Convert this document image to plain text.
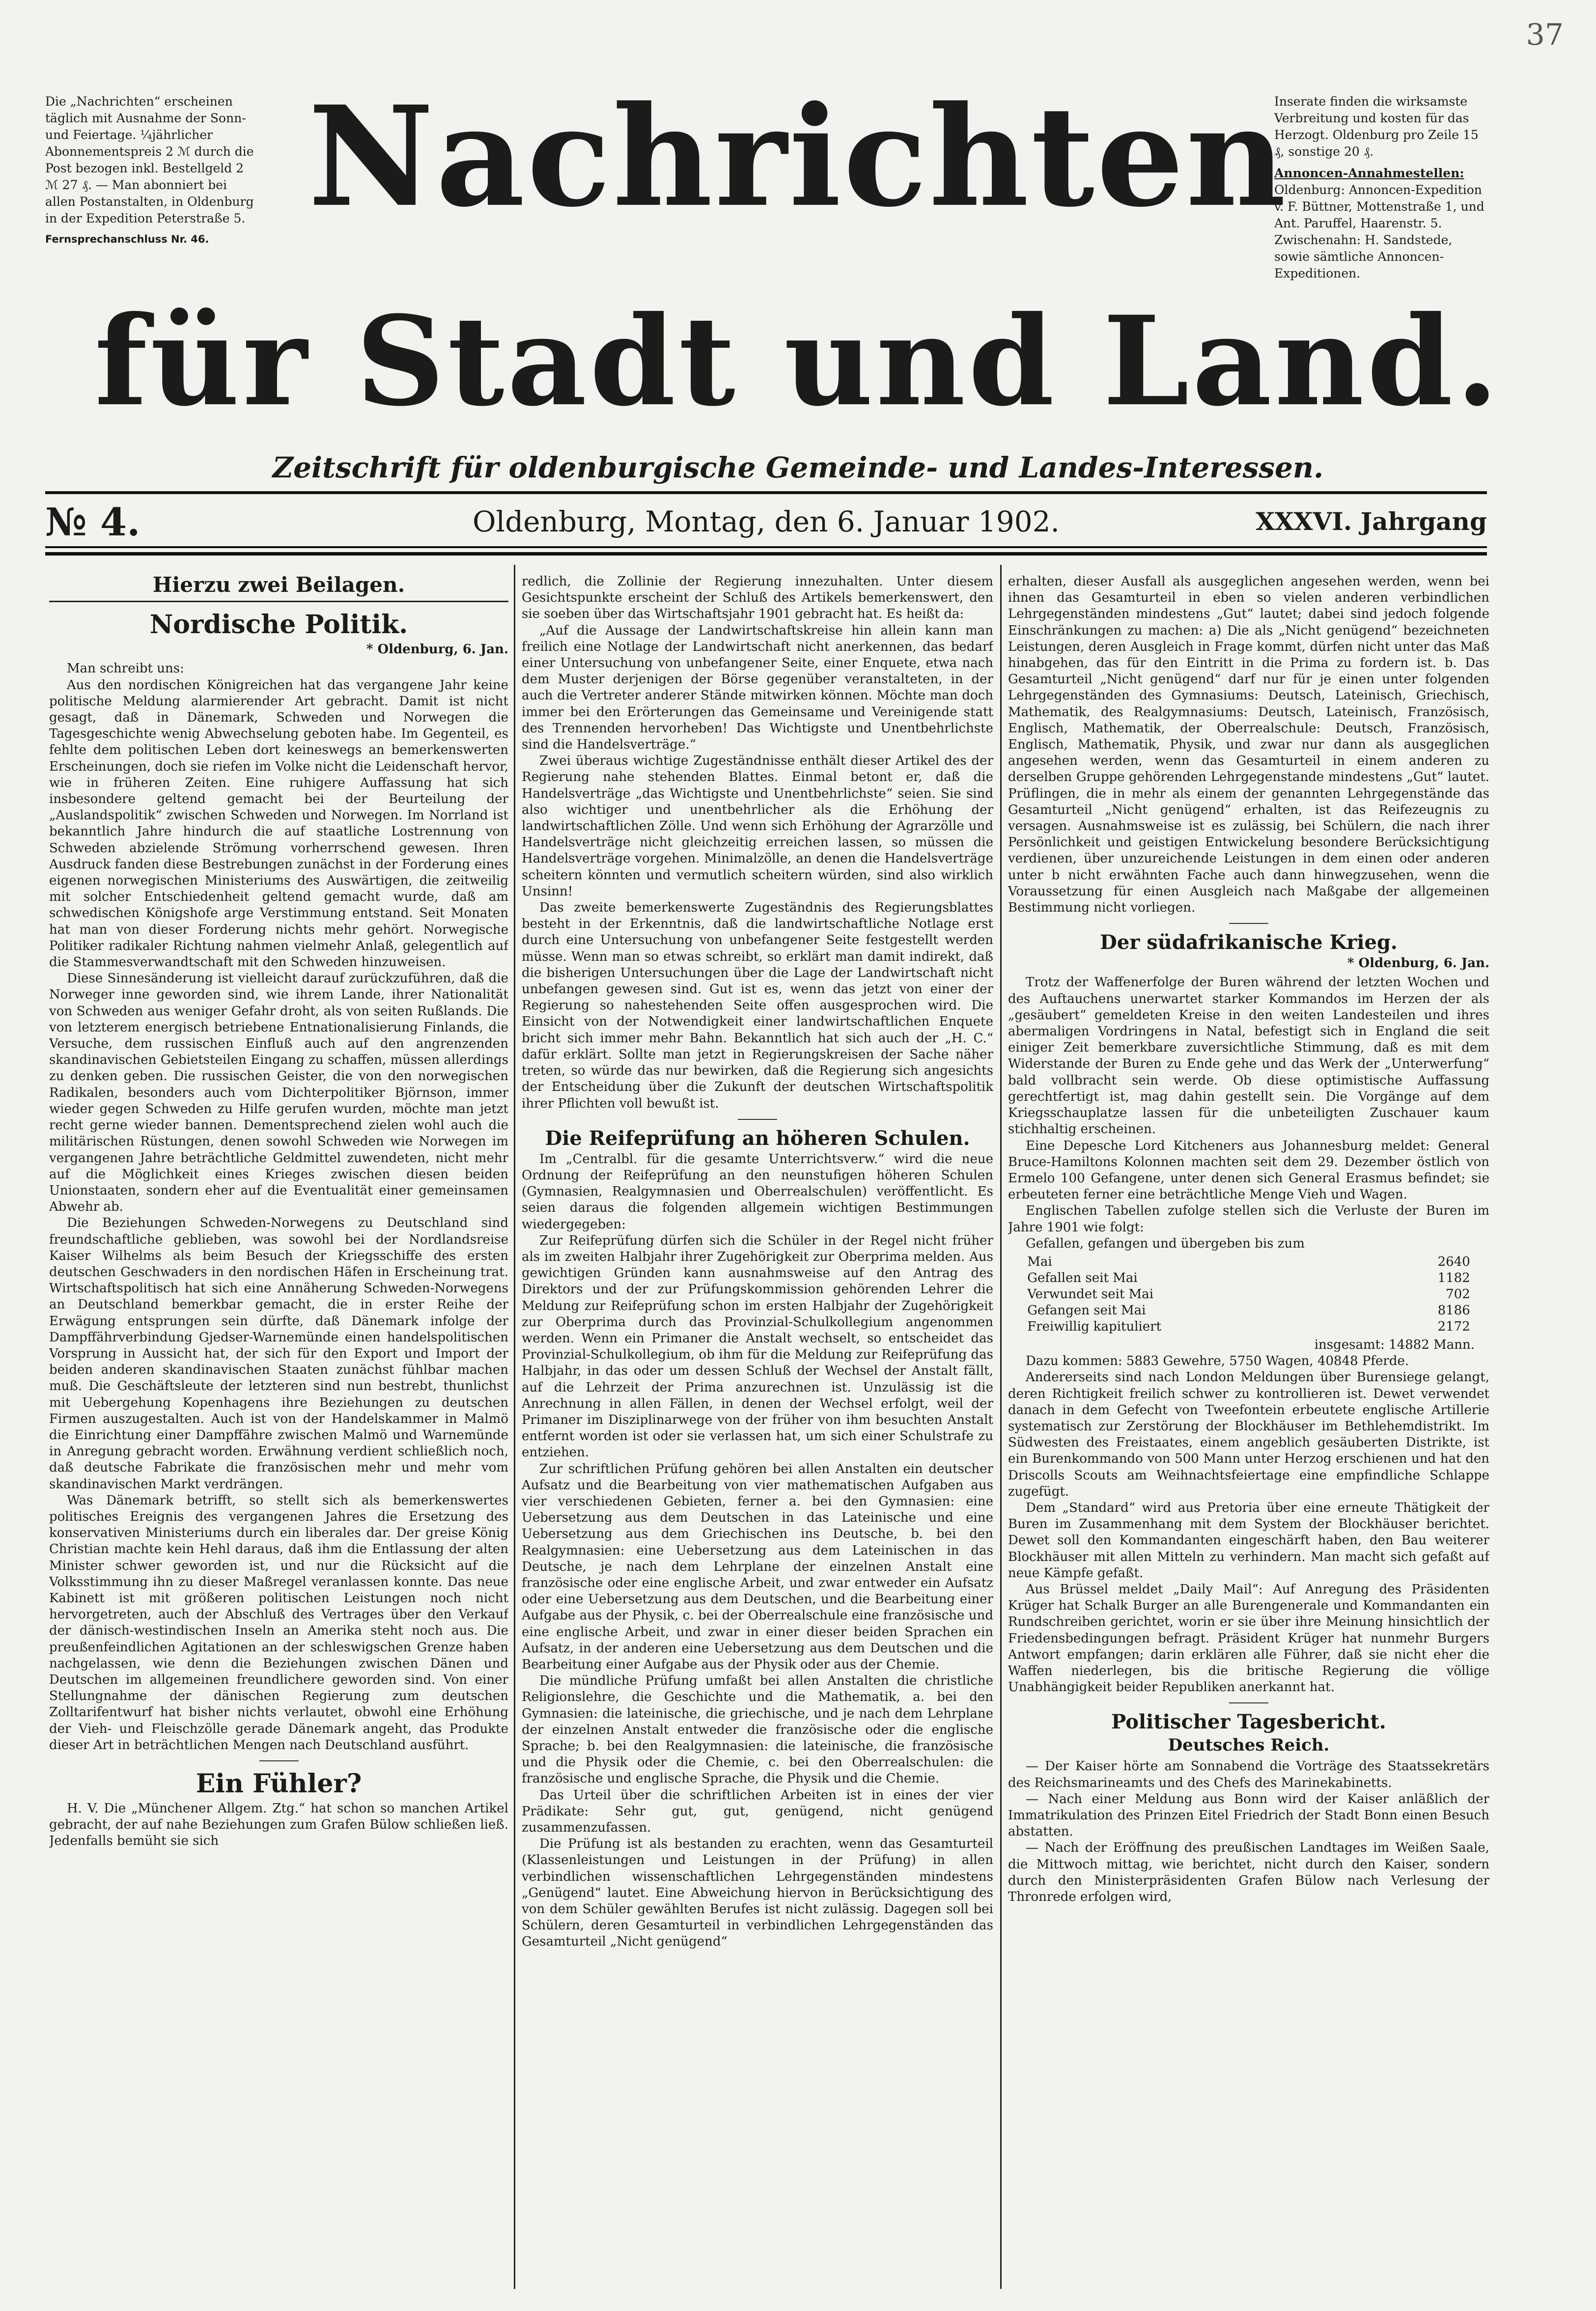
37
Die „Nachrichten“ erscheinen täglich mit Ausnahme der Sonn- und Feiertage. ¼jährlicher Abonnementspreis 2 ℳ durch die Post bezogen inkl. Bestellgeld 2 ℳ 27 ₰. — Man abonniert bei allen Postanstalten, in Oldenburg in der Expedition Peterstraße 5.
Fernsprechanschluss Nr. 46.
Inserate finden die wirksamste Verbreitung und kosten für das Herzogt. Oldenburg pro Zeile 15 ₰, sonstige 20 ₰.
Annoncen-Annahmestellen:
Oldenburg: Annoncen-Expedition v. F. Büttner, Mottenstraße 1, und Ant. Paruffel, Haarenstr. 5. Zwischenahn: H. Sandstede, sowie sämtliche Annoncen-Expeditionen.
Nachrichten
für Stadt und Land.
Zeitschrift für oldenburgische Gemeinde- und Landes-Interessen.
№ 4.	Oldenburg, Montag, den 6. Januar 1902.	XXXVI. Jahrgang
Hierzu zwei Beilagen.
Nordische Politik.
* Oldenburg, 6. Jan.

Man schreibt uns:

Aus den nordischen Königreichen hat das vergangene Jahr keine politische Meldung alarmierender Art gebracht. Damit ist nicht gesagt, daß in Dänemark, Schweden und Norwegen die Tagesgeschichte wenig Abwechselung geboten habe. Im Gegenteil, es fehlte dem politischen Leben dort keineswegs an bemerkenswerten Erscheinungen, doch sie riefen im Volke nicht die Leidenschaft hervor, wie in früheren Zeiten. Eine ruhigere Auffassung hat sich insbesondere geltend gemacht bei der Beurteilung der „Auslandspolitik“ zwischen Schweden und Norwegen. Im Norrland ist bekanntlich Jahre hindurch die auf staatliche Lostrennung von Schweden abzielende Strömung vorherrschend gewesen. Ihren Ausdruck fanden diese Bestrebungen zunächst in der Forderung eines eigenen norwegischen Ministeriums des Auswärtigen, die zeitweilig mit solcher Entschiedenheit geltend gemacht wurde, daß am schwedischen Königshofe arge Verstimmung entstand. Seit Monaten hat man von dieser Forderung nichts mehr gehört. Norwegische Politiker radikaler Richtung nahmen vielmehr Anlaß, gelegentlich auf die Stammesverwandtschaft mit den Schweden hinzuweisen.

Diese Sinnesänderung ist vielleicht darauf zurückzuführen, daß die Norweger inne geworden sind, wie ihrem Lande, ihrer Nationalität von Schweden aus weniger Gefahr droht, als von seiten Rußlands. Die von letzterem energisch betriebene Entnationalisierung Finlands, die Versuche, dem russischen Einfluß auch auf den angrenzenden skandinavischen Gebietsteilen Eingang zu schaffen, müssen allerdings zu denken geben. Die russischen Geister, die von den norwegischen Radikalen, besonders auch vom Dichterpolitiker Björnson, immer wieder gegen Schweden zu Hilfe gerufen wurden, möchte man jetzt recht gerne wieder bannen. Dementsprechend zielen wohl auch die militärischen Rüstungen, denen sowohl Schweden wie Norwegen im vergangenen Jahre beträchtliche Geldmittel zuwendeten, nicht mehr auf die Möglichkeit eines Krieges zwischen diesen beiden Unionstaaten, sondern eher auf die Eventualität einer gemeinsamen Abwehr ab.

Die Beziehungen Schweden-Norwegens zu Deutschland sind freundschaftliche geblieben, was sowohl bei der Nordlandsreise Kaiser Wilhelms als beim Besuch der Kriegsschiffe des ersten deutschen Geschwaders in den nordischen Häfen in Erscheinung trat. Wirtschaftspolitisch hat sich eine Annäherung Schweden-Norwegens an Deutschland bemerkbar gemacht, die in erster Reihe der Erwägung entsprungen sein dürfte, daß Dänemark infolge der Dampffährverbindung Gjedser-Warnemünde einen handelspolitischen Vorsprung in Aussicht hat, der sich für den Export und Import der beiden anderen skandinavischen Staaten zunächst fühlbar machen muß. Die Geschäftsleute der letzteren sind nun bestrebt, thunlichst mit Uebergehung Kopenhagens ihre Beziehungen zu deutschen Firmen auszugestalten. Auch ist von der Handelskammer in Malmö die Einrichtung einer Dampffähre zwischen Malmö und Warnemünde in Anregung gebracht worden. Erwähnung verdient schließlich noch, daß deutsche Fabrikate die französischen mehr und mehr vom skandinavischen Markt verdrängen.

Was Dänemark betrifft, so stellt sich als bemerkenswertes politisches Ereignis des vergangenen Jahres die Ersetzung des konservativen Ministeriums durch ein liberales dar. Der greise König Christian machte kein Hehl daraus, daß ihm die Entlassung der alten Minister schwer geworden ist, und nur die Rücksicht auf die Volksstimmung ihn zu dieser Maßregel veranlassen konnte. Das neue Kabinett ist mit größeren politischen Leistungen noch nicht hervorgetreten, auch der Abschluß des Vertrages über den Verkauf der dänisch-westindischen Inseln an Amerika steht noch aus. Die preußenfeindlichen Agitationen an der schleswigschen Grenze haben nachgelassen, wie denn die Beziehungen zwischen Dänen und Deutschen im allgemeinen freundlichere geworden sind. Von einer Stellungnahme der dänischen Regierung zum deutschen Zolltarifentwurf hat bisher nichts verlautet, obwohl eine Erhöhung der Vieh- und Fleischzölle gerade Dänemark angeht, das Produkte dieser Art in beträchtlichen Mengen nach Deutschland ausführt.

Ein Fühler?

H. V. Die „Münchener Allgem. Ztg.“ hat schon so manchen Artikel gebracht, der auf nahe Beziehungen zum Grafen Bülow schließen ließ. Jedenfalls bemüht sie sich

redlich, die Zollinie der Regierung innezuhalten. Unter diesem Gesichtspunkte erscheint der Schluß des Artikels bemerkenswert, den sie soeben über das Wirtschaftsjahr 1901 gebracht hat. Es heißt da:

„Auf die Aussage der Landwirtschaftskreise hin allein kann man freilich eine Notlage der Landwirtschaft nicht anerkennen, das bedarf einer Untersuchung von unbefangener Seite, einer Enquete, etwa nach dem Muster derjenigen der Börse gegenüber veranstalteten, in der auch die Vertreter anderer Stände mitwirken können. Möchte man doch immer bei den Erörterungen das Gemeinsame und Vereinigende statt des Trennenden hervorheben! Das Wichtigste und Unentbehrlichste sind die Handelsverträge.“

Zwei überaus wichtige Zugeständnisse enthält dieser Artikel des der Regierung nahe stehenden Blattes. Einmal betont er, daß die Handelsverträge „das Wichtigste und Unentbehrlichste“ seien. Sie sind also wichtiger und unentbehrlicher als die Erhöhung der landwirtschaftlichen Zölle. Und wenn sich Erhöhung der Agrarzölle und Handelsverträge nicht gleichzeitig erreichen lassen, so müssen die Handelsverträge vorgehen. Minimalzölle, an denen die Handelsverträge scheitern könnten und vermutlich scheitern würden, sind also wirklich Unsinn!

Das zweite bemerkenswerte Zugeständnis des Regierungsblattes besteht in der Erkenntnis, daß die landwirtschaftliche Notlage erst durch eine Untersuchung von unbefangener Seite festgestellt werden müsse. Wenn man so etwas schreibt, so erklärt man damit indirekt, daß die bisherigen Untersuchungen über die Lage der Landwirtschaft nicht unbefangen gewesen sind. Gut ist es, wenn das jetzt von einer der Regierung so nahestehenden Seite offen ausgesprochen wird. Die Einsicht von der Notwendigkeit einer landwirtschaftlichen Enquete bricht sich immer mehr Bahn. Bekanntlich hat sich auch der „H. C.“ dafür erklärt. Sollte man jetzt in Regierungskreisen der Sache näher treten, so würde das nur bewirken, daß die Regierung sich angesichts der Entscheidung über die Zukunft der deutschen Wirtschaftspolitik ihrer Pflichten voll bewußt ist.

Die Reifeprüfung an höheren Schulen.

Im „Centralbl. für die gesamte Unterrichtsverw.“ wird die neue Ordnung der Reifeprüfung an den neunstufigen höheren Schulen (Gymnasien, Realgymnasien und Oberrealschulen) veröffentlicht. Es seien daraus die folgenden allgemein wichtigen Bestimmungen wiedergegeben:

Zur Reifeprüfung dürfen sich die Schüler in der Regel nicht früher als im zweiten Halbjahr ihrer Zugehörigkeit zur Oberprima melden. Aus gewichtigen Gründen kann ausnahmsweise auf den Antrag des Direktors und der zur Prüfungskommission gehörenden Lehrer die Meldung zur Reifeprüfung schon im ersten Halbjahr der Zugehörigkeit zur Oberprima durch das Provinzial-Schulkollegium angenommen werden. Wenn ein Primaner die Anstalt wechselt, so entscheidet das Provinzial-Schulkollegium, ob ihm für die Meldung zur Reifeprüfung das Halbjahr, in das oder um dessen Schluß der Wechsel der Anstalt fällt, auf die Lehrzeit der Prima anzurechnen ist. Unzulässig ist die Anrechnung in allen Fällen, in denen der Wechsel erfolgt, weil der Primaner im Disziplinarwege von der früher von ihm besuchten Anstalt entfernt worden ist oder sie verlassen hat, um sich einer Schulstrafe zu entziehen.

Zur schriftlichen Prüfung gehören bei allen Anstalten ein deutscher Aufsatz und die Bearbeitung von vier mathematischen Aufgaben aus vier verschiedenen Gebieten, ferner a. bei den Gymnasien: eine Uebersetzung aus dem Deutschen in das Lateinische und eine Uebersetzung aus dem Griechischen ins Deutsche, b. bei den Realgymnasien: eine Uebersetzung aus dem Lateinischen in das Deutsche, je nach dem Lehrplane der einzelnen Anstalt eine französische oder eine englische Arbeit, und zwar entweder ein Aufsatz oder eine Uebersetzung aus dem Deutschen, und die Bearbeitung einer Aufgabe aus der Physik, c. bei der Oberrealschule eine französische und eine englische Arbeit, und zwar in einer dieser beiden Sprachen ein Aufsatz, in der anderen eine Uebersetzung aus dem Deutschen und die Bearbeitung einer Aufgabe aus der Physik oder aus der Chemie.

Die mündliche Prüfung umfaßt bei allen Anstalten die christliche Religionslehre, die Geschichte und die Mathematik, a. bei den Gymnasien: die lateinische, die griechische, und je nach dem Lehrplane der einzelnen Anstalt entweder die französische oder die englische Sprache; b. bei den Realgymnasien: die lateinische, die französische und die Physik oder die Chemie, c. bei den Oberrealschulen: die französische und englische Sprache, die Physik und die Chemie.

Das Urteil über die schriftlichen Arbeiten ist in eines der vier Prädikate: Sehr gut, gut, genügend, nicht genügend zusammenzufassen.

Die Prüfung ist als bestanden zu erachten, wenn das Gesamturteil (Klassenleistungen und Leistungen in der Prüfung) in allen verbindlichen wissenschaftlichen Lehrgegenständen mindestens „Genügend“ lautet. Eine Abweichung hiervon in Berücksichtigung des von dem Schüler gewählten Berufes ist nicht zulässig. Dagegen soll bei Schülern, deren Gesamturteil in verbindlichen Lehrgegenständen das Gesamturteil „Nicht genügend“

erhalten, dieser Ausfall als ausgeglichen angesehen werden, wenn bei ihnen das Gesamturteil in eben so vielen anderen verbindlichen Lehrgegenständen mindestens „Gut“ lautet; dabei sind jedoch folgende Einschränkungen zu machen: a) Die als „Nicht genügend“ bezeichneten Leistungen, deren Ausgleich in Frage kommt, dürfen nicht unter das Maß hinabgehen, das für den Eintritt in die Prima zu fordern ist. b. Das Gesamturteil „Nicht genügend“ darf nur für je einen unter folgenden Lehrgegenständen des Gymnasiums: Deutsch, Lateinisch, Griechisch, Mathematik, des Realgymnasiums: Deutsch, Lateinisch, Französisch, Englisch, Mathematik, der Oberrealschule: Deutsch, Französisch, Englisch, Mathematik, Physik, und zwar nur dann als ausgeglichen angesehen werden, wenn das Gesamturteil in einem anderen zu derselben Gruppe gehörenden Lehrgegenstande mindestens „Gut“ lautet. Prüflingen, die in mehr als einem der genannten Lehrgegenstände das Gesamturteil „Nicht genügend“ erhalten, ist das Reifezeugnis zu versagen. Ausnahmsweise ist es zulässig, bei Schülern, die nach ihrer Persönlichkeit und geistigen Entwickelung besondere Berücksichtigung verdienen, über unzureichende Leistungen in dem einen oder anderen unter b nicht erwähnten Fache auch dann hinwegzusehen, wenn die Voraussetzung für einen Ausgleich nach Maßgabe der allgemeinen Bestimmung nicht vorliegen.

Der südafrikanische Krieg.
* Oldenburg, 6. Jan.

Trotz der Waffenerfolge der Buren während der letzten Wochen und des Auftauchens unerwartet starker Kommandos im Herzen der als „gesäubert“ gemeldeten Kreise in den weiten Landesteilen und ihres abermaligen Vordringens in Natal, befestigt sich in England die seit einiger Zeit bemerkbare zuversichtliche Stimmung, daß es mit dem Widerstande der Buren zu Ende gehe und das Werk der „Unterwerfung“ bald vollbracht sein werde. Ob diese optimistische Auffassung gerechtfertigt ist, mag dahin gestellt sein. Die Vorgänge auf dem Kriegsschauplatze lassen für die unbeteiligten Zuschauer kaum stichhaltig erscheinen.

Eine Depesche Lord Kitcheners aus Johannesburg meldet: General Bruce-Hamiltons Kolonnen machten seit dem 29. Dezember östlich von Ermelo 100 Gefangene, unter denen sich General Erasmus befindet; sie erbeuteten ferner eine beträchtliche Menge Vieh und Wagen.

Englischen Tabellen zufolge stellen sich die Verluste der Buren im Jahre 1901 wie folgt:

Gefallen, gefangen und übergeben bis zum

Mai	2640
Gefallen seit Mai	1182
Verwundet seit Mai	702
Gefangen seit Mai	8186
Freiwillig kapituliert	2172
insgesamt: 14882 Mann.

Dazu kommen: 5883 Gewehre, 5750 Wagen, 40848 Pferde.

Andererseits sind nach London Meldungen über Burensiege gelangt, deren Richtigkeit freilich schwer zu kontrollieren ist. Dewet verwendet danach in dem Gefecht von Tweefontein erbeutete englische Artillerie systematisch zur Zerstörung der Blockhäuser im Bethlehemdistrikt. Im Südwesten des Freistaates, einem angeblich gesäuberten Distrikte, ist ein Burenkommando von 500 Mann unter Herzog erschienen und hat den Driscolls Scouts am Weihnachtsfeiertage eine empfindliche Schlappe zugefügt.

Dem „Standard“ wird aus Pretoria über eine erneute Thätigkeit der Buren im Zusammenhang mit dem System der Blockhäuser berichtet. Dewet soll den Kommandanten eingeschärft haben, den Bau weiterer Blockhäuser mit allen Mitteln zu verhindern. Man macht sich gefaßt auf neue Kämpfe gefaßt.

Aus Brüssel meldet „Daily Mail“: Auf Anregung des Präsidenten Krüger hat Schalk Burger an alle Burengenerale und Kommandanten ein Rundschreiben gerichtet, worin er sie über ihre Meinung hinsichtlich der Friedensbedingungen befragt. Präsident Krüger hat nunmehr Burgers Antwort empfangen; darin erklären alle Führer, daß sie nicht eher die Waffen niederlegen, bis die britische Regierung die völlige Unabhängigkeit beider Republiken anerkannt hat.

Politischer Tagesbericht.
Deutsches Reich.

— Der Kaiser hörte am Sonnabend die Vorträge des Staatssekretärs des Reichsmarineamts und des Chefs des Marinekabinetts.

— Nach einer Meldung aus Bonn wird der Kaiser anläßlich der Immatrikulation des Prinzen Eitel Friedrich der Stadt Bonn einen Besuch abstatten.

— Nach der Eröffnung des preußischen Landtages im Weißen Saale, die Mittwoch mittag, wie berichtet, nicht durch den Kaiser, sondern durch den Ministerpräsidenten Grafen Bülow nach Verlesung der Thronrede erfolgen wird,
